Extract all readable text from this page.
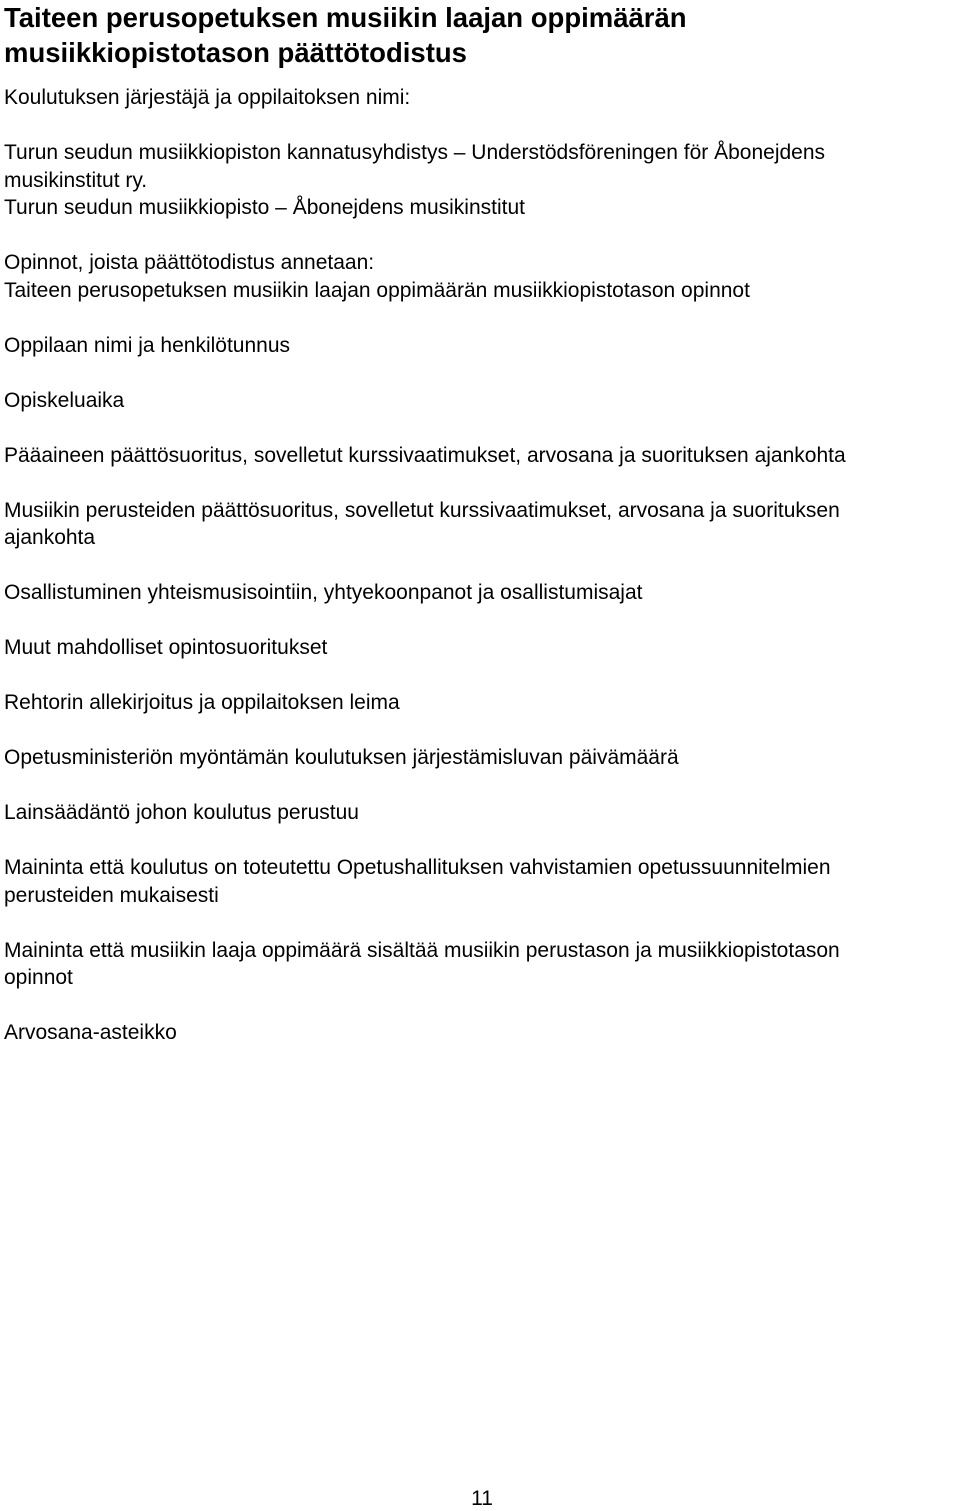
Taiteen perusopetuksen musiikin laajan oppimäärän
musiikkiopistotason päättötodistus

Koulutuksen järjestäjä ja oppilaitoksen nimi:

Turun seudun musiikkiopiston kannatusyhdistys – Understödsföreningen för Åbonejdens
musikinstitut ry.
Turun seudun musiikkiopisto – Åbonejdens musikinstitut

Opinnot, joista päättötodistus annetaan:
Taiteen perusopetuksen musiikin laajan oppimäärän musiikkiopistotason opinnot

Oppilaan nimi ja henkilötunnus

Opiskeluaika

Pääaineen päättösuoritus, sovelletut kurssivaatimukset, arvosana ja suorituksen ajankohta

Musiikin perusteiden päättösuoritus, sovelletut kurssivaatimukset, arvosana ja suorituksen
ajankohta

Osallistuminen yhteismusisointiin, yhtyekoonpanot ja osallistumisajat

Muut mahdolliset opintosuoritukset

Rehtorin allekirjoitus ja oppilaitoksen leima

Opetusministeriön myöntämän koulutuksen järjestämisluvan päivämäärä

Lainsäädäntö johon koulutus perustuu

Maininta että koulutus on toteutettu Opetushallituksen vahvistamien opetussuunnitelmien
perusteiden mukaisesti

Maininta että musiikin laaja oppimäärä sisältää musiikin perustason ja musiikkiopistotason
opinnot

Arvosana-asteikko

11
